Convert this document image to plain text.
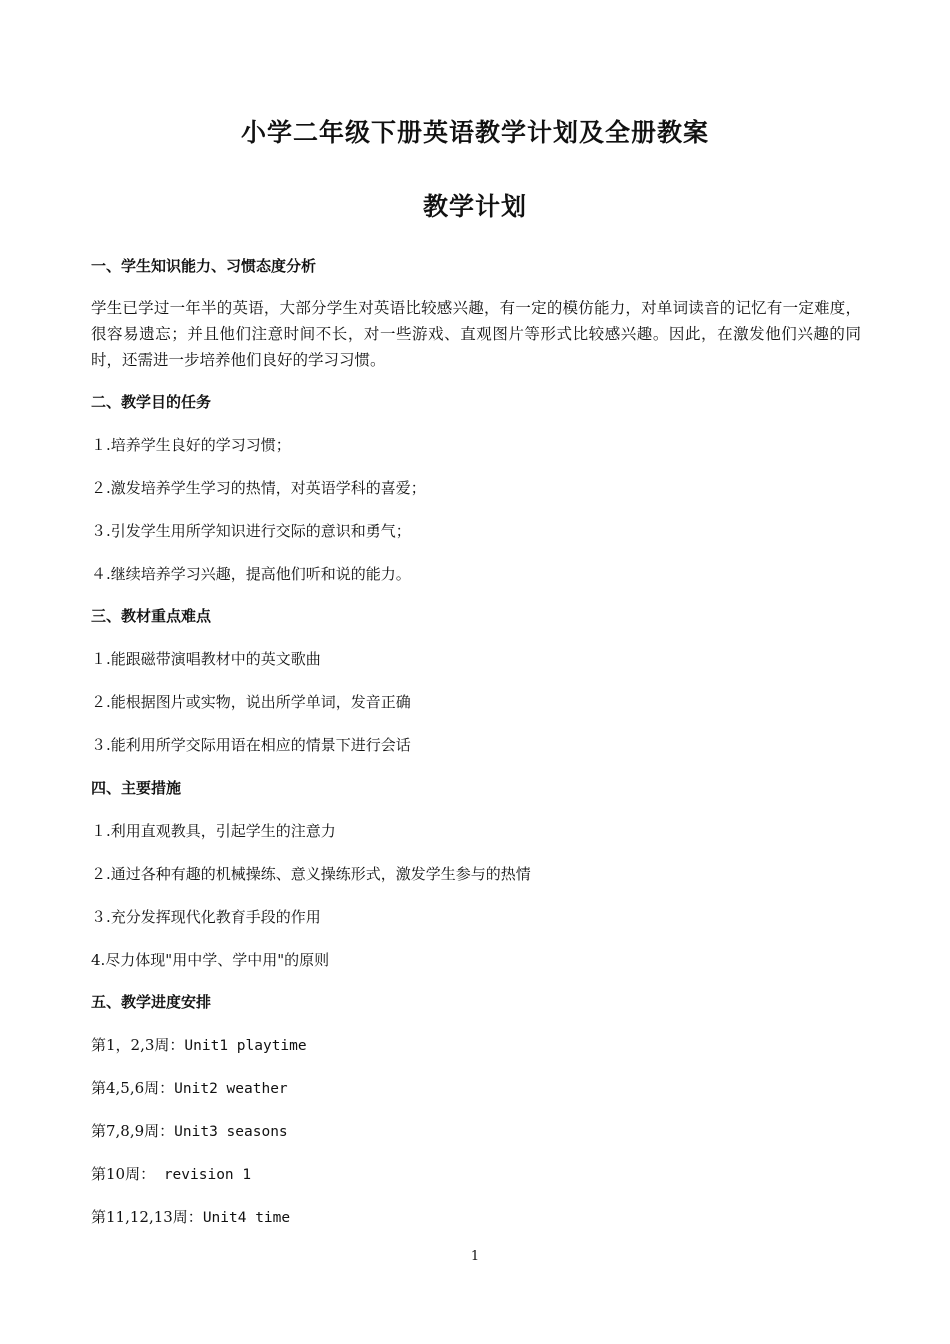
小学二年级下册英语教学计划及全册教案
教学计划

一、学生知识能力、习惯态度分析

学生已学过一年半的英语，大部分学生对英语比较感兴趣，有一定的模仿能力，对单词读音的记忆有一定难度，很容易遗忘；并且他们注意时间不长，对一些游戏、直观图片等形式比较感兴趣。因此，在激发他们兴趣的同时，还需进一步培养他们良好的学习习惯。

二、教学目的任务

１.培养学生良好的学习习惯；

２.激发培养学生学习的热情，对英语学科的喜爱；

３.引发学生用所学知识进行交际的意识和勇气；

４.继续培养学习兴趣，提高他们听和说的能力。

三、教材重点难点

１.能跟磁带演唱教材中的英文歌曲

２.能根据图片或实物，说出所学单词，发音正确

３.能利用所学交际用语在相应的情景下进行会话

四、主要措施

１.利用直观教具，引起学生的注意力

２.通过各种有趣的机械操练、意义操练形式，激发学生参与的热情

３.充分发挥现代化教育手段的作用

4.尽力体现"用中学、学中用"的原则

五、教学进度安排

第1，2,3周：Unit1 playtime

第4,5,6周：Unit2 weather

第7,8,9周：Unit3 seasons

第10周： revision 1

第11,12,13周：Unit4 time

1
